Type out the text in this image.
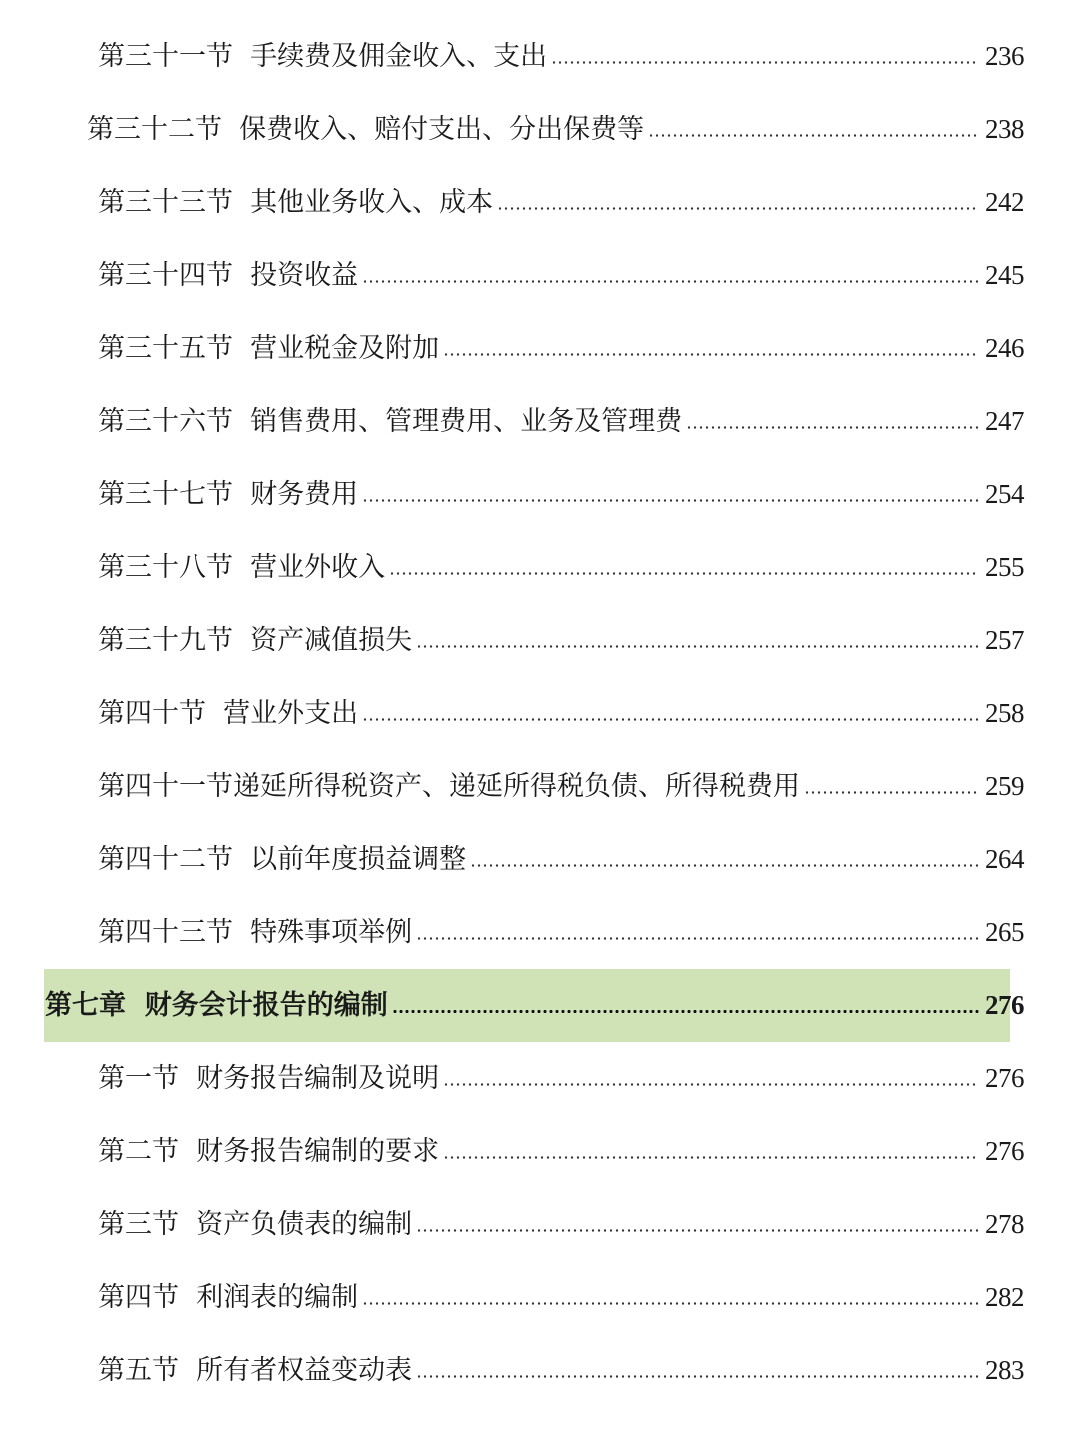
第三十一节  手续费及佣金收入、支出	236
第三十二节  保费收入、赔付支出、分出保费等	238
第三十三节  其他业务收入、成本	242
第三十四节  投资收益	245
第三十五节  营业税金及附加	246
第三十六节  销售费用、管理费用、业务及管理费	247
第三十七节  财务费用	254
第三十八节  营业外收入	255
第三十九节  资产减值损失	257
第四十节  营业外支出	258
第四十一节递延所得税资产、递延所得税负债、所得税费用	259
第四十二节  以前年度损益调整	264
第四十三节  特殊事项举例	265
第七章  财务会计报告的编制	276
第一节  财务报告编制及说明	276
第二节  财务报告编制的要求	276
第三节  资产负债表的编制	278
第四节  利润表的编制	282
第五节  所有者权益变动表	283
